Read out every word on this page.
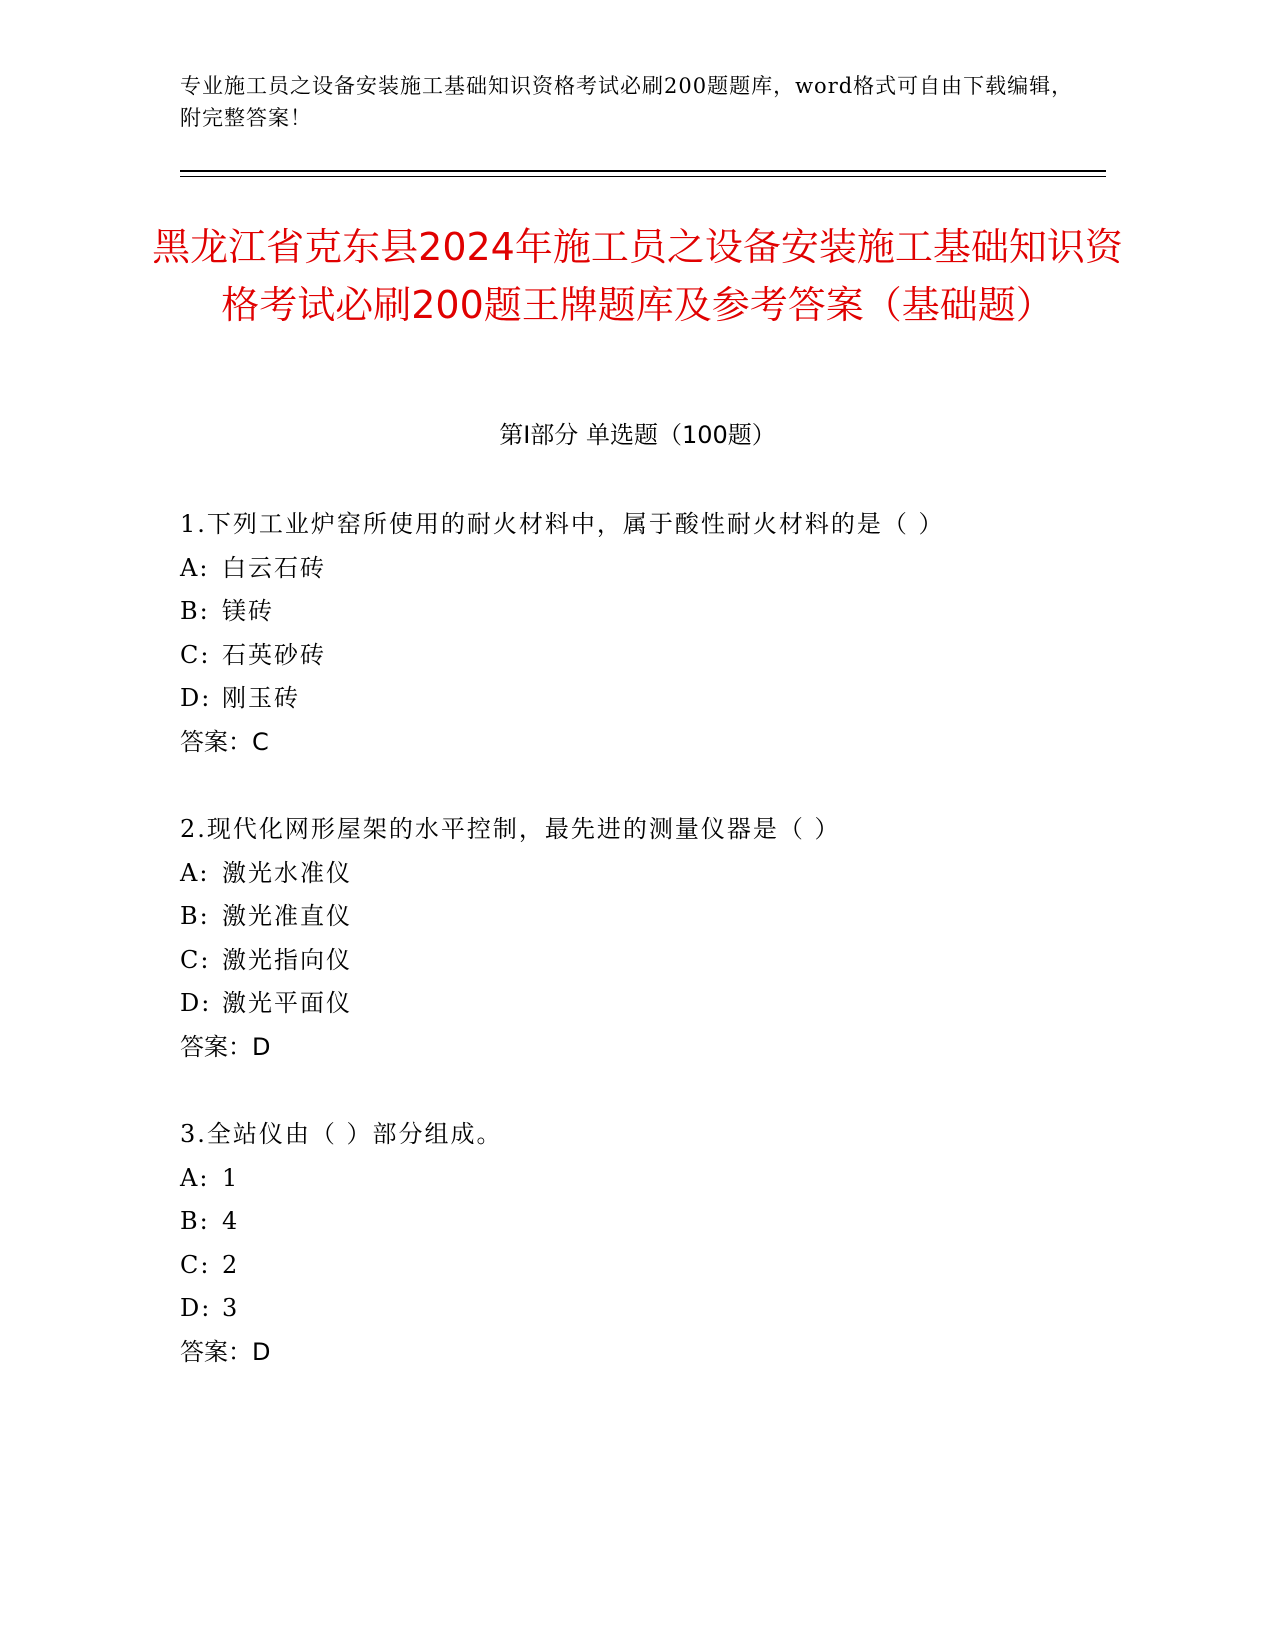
专业施工员之设备安装施工基础知识资格考试必刷200题题库，word格式可自由下载编辑，附完整答案！
黑龙江省克东县2024年施工员之设备安装施工基础知识资格考试必刷200题王牌题库及参考答案（基础题）
第Ⅰ部分 单选题（100题）
1.下列工业炉窑所使用的耐火材料中，属于酸性耐火材料的是（ ）
A: 白云石砖
B: 镁砖
C: 石英砂砖
D: 刚玉砖
答案：C
2.现代化网形屋架的水平控制，最先进的测量仪器是（ ）
A: 激光水准仪
B: 激光准直仪
C: 激光指向仪
D: 激光平面仪
答案：D
3.全站仪由（ ）部分组成。
A: 1
B: 4
C: 2
D: 3
答案：D
